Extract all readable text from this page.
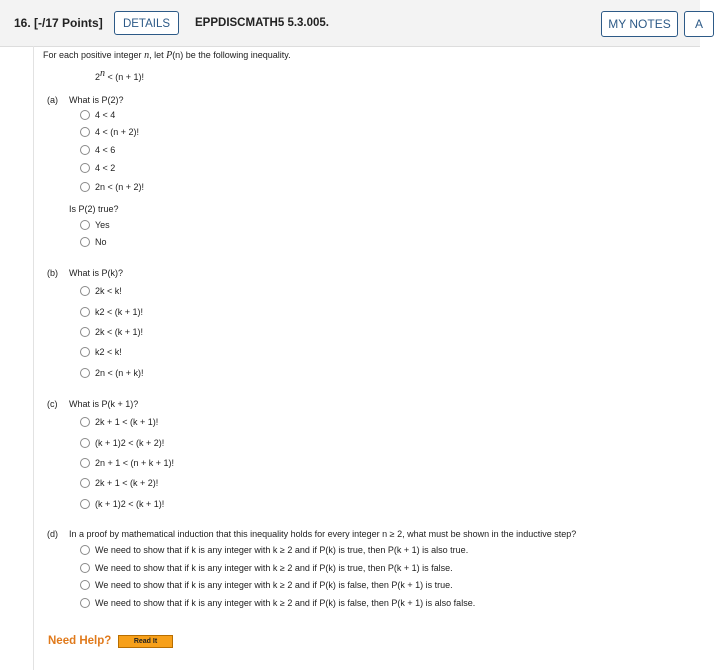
16. [-/17 Points]	DETAILS	EPPDISCMATH5 5.3.005.	MY NOTES	A
For each positive integer n, let P(n) be the following inequality.
$2^n < (n + 1)$!
(a) What is P(2)?
4 < 4
4 < (n + 2)!
4 < 6
4 < 2
2n < (n + 2)!
Is P(2) true?
Yes
No
(b) What is P(k)?
2k < k!
k2 < (k + 1)!
2k < (k + 1)!
k2 < k!
2n < (n + k)!
(c) What is P(k + 1)?
2k + 1 < (k + 1)!
(k + 1)2 < (k + 2)!
2n + 1 < (n + k + 1)!
2k + 1 < (k + 2)!
(k + 1)2 < (k + 1)!
(d) In a proof by mathematical induction that this inequality holds for every integer n ≥ 2, what must be shown in the inductive step?
We need to show that if k is any integer with k ≥ 2 and if P(k) is true, then P(k + 1) is also true.
We need to show that if k is any integer with k ≥ 2 and if P(k) is true, then P(k + 1) is false.
We need to show that if k is any integer with k ≥ 2 and if P(k) is false, then P(k + 1) is true.
We need to show that if k is any integer with k ≥ 2 and if P(k) is false, then P(k + 1) is also false.
Need Help?	Read It
